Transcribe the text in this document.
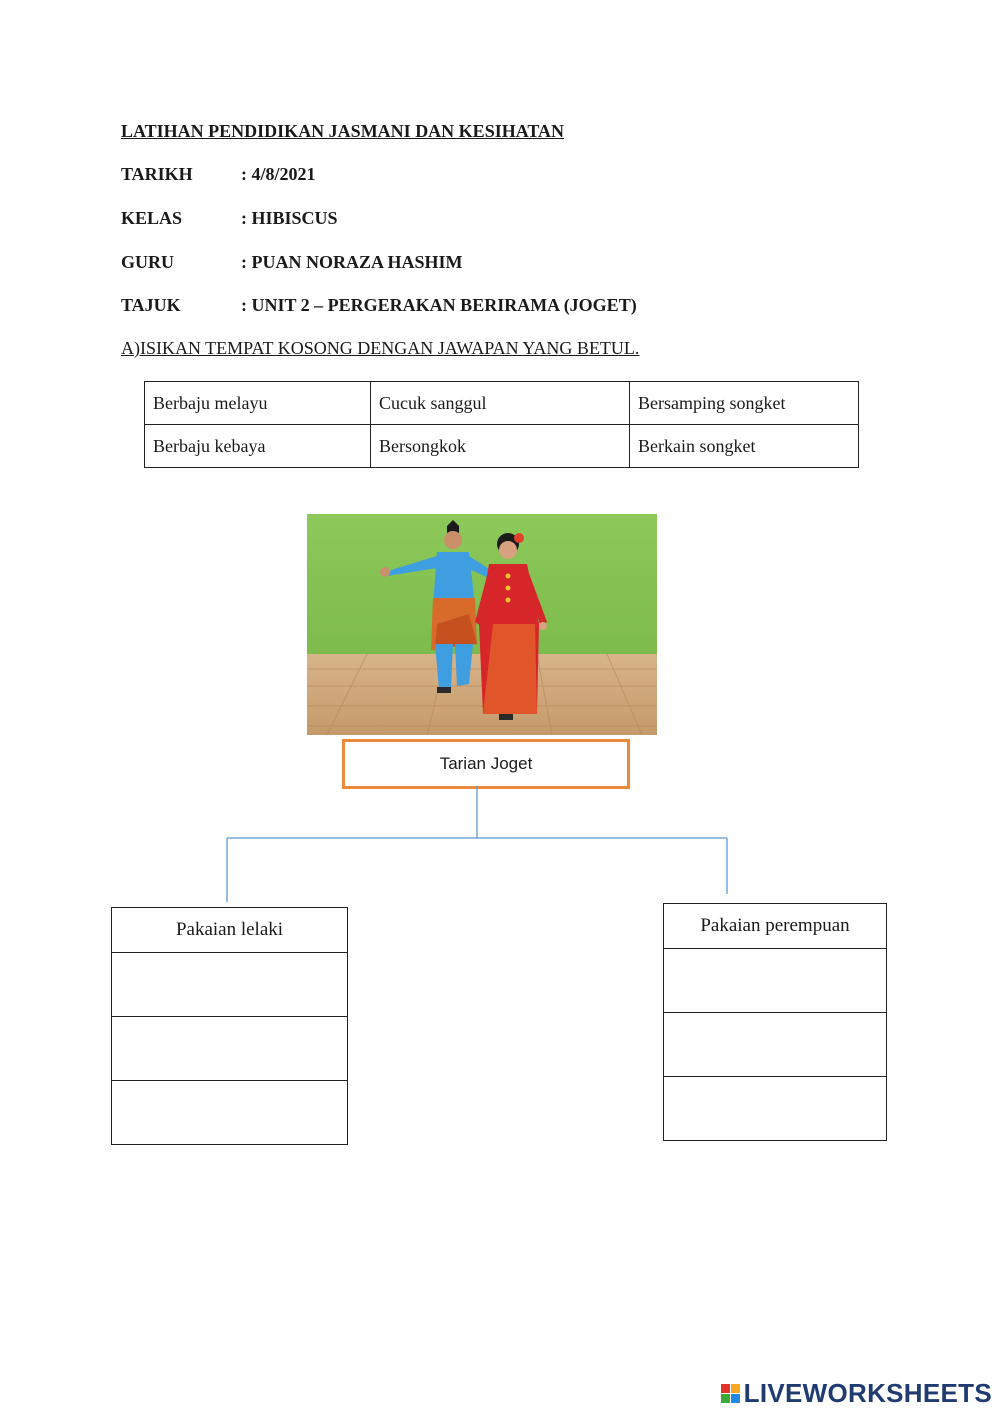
LATIHAN PENDIDIKAN JASMANI DAN KESIHATAN
TARIKH	: 4/8/2021
KELAS	: HIBISCUS
GURU	: PUAN NORAZA HASHIM
TAJUK	: UNIT 2 – PERGERAKAN BERIRAMA (JOGET)
A)ISIKAN TEMPAT KOSONG DENGAN JAWAPAN YANG BETUL.
Berbaju melayu	Cucuk sanggul	Bersamping songket
Berbaju kebaya	Bersongkok	Berkain songket
Tarian Joget
Pakaian lelaki	Pakaian perempuan
LIVEWORKSHEETS
